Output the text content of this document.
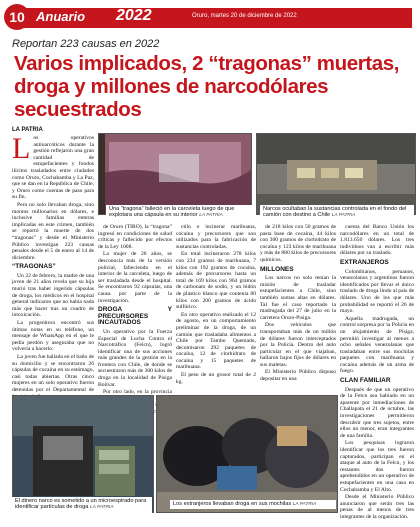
Anuario 2022	Oruro, martes 20 de diciembre de 2022
10
Reportan 223 causas en 2022
Varios implicados, 2 “tragonas” muertas, droga y millones de narcodólares secuestrados
LA PATRIA
Una “tragona” falleció en la carceleta luego de que explotara una cápsula en su interior LA PATRIA
Narcos ocultaban la sustancias controlada en el fondo del camión con destino a Chile LA PATRIA

Los operativos antinarcóticos durante la gestión reflejaron una gran cantidad de estupefacientes y fondos ilícitos trasladados entre ciudades como Oruro, Cochabamba y La Paz, que se dan en la República de Chile, y Oruro como cuentas de paso para su fin.

Pero no solo llevaban droga, sino montos millonarios en dólares, e inclusive familias enteras implicadas en este crimen, también se reportó la muerte de dos “tragonas” y desde el Ministerio Público investigan 223 causas penales desde el 5 de enero al 14 de diciembre.

“TRAGONAS”

Un 22 de febrero, la madre de una joven de 21 años revela que su hija murió tras haber ingerido cápsulas de droga, los médicos en el hospital general indicaron que no había nada más que hacer tras un cuadro de intoxicación.

La progenitora encontró sus útimas notas en su teléfono, un mensaje de WhatsApp en el que le pedía perdón y aseguraba que no volvería a hacerlo.

La joven fue hallada en el baño de su domicilio y se encontraron 26 cápsulas de cocaína en su estómago, casi todas abiertas. Otras cinco mujeres en un solo operativo fueron detenidas por el Departamental de

de Oruro (TIRO), la “tragona” ingresó en condiciones de salud críticas y fallecido por efectos de la Ley 1008.

La mujer de 26 años, se desconocía más de la versión policial, falleciendo en el interior de la carceleta, luego de ser trasladada desde el hospital. Se encontraron 92 cápsulas, una causa por parte de la investigación.

DROGA Y PRECURSORES INCAUTADOS

Un operativo por la Fuerza Especial de Lucha Contra el Narcotráfico (Felcn), logró identificar una de sus acciones más grandes de la gestión en la frontera con Chile, de donde se secuestraron más de 300 kilos de droga en la localidad de Pisiga Bolívar.

Por otro lado, en la provincia

ctilo e incinerar marihuana, cocaína y precursores que son utilizados para la fabricación de sustancias controladas.

En total incineraron 278 kilos con 234 gramos de marihuana, 7 kilos con 192 gramos de cocaína, además de precursores hasta un total de 169 kilos con 964 gramos de carbonato de sodio, y un bidón de plástico blanco que contenía 80 kilos con 200 gramos de ácido sulfúrico.

En otro operativo realizado el 12 de agosto, en un comportamiento preliminar de la droga, de un camión que trasladaba alimentos a Chile por Tambo Quemado, decomisaron 292 paquetes de cocaína, 12 de clorhidrato de cocaína y 15 paquetes de marihuana.

El peso de un grosor total de 2 kg.

de 218 kilos con 50 gramos de pasta base de cocaína, 44 kilos con 300 gramos de clorhidrato de cocaína y 123 kilos de marihuana y más de 880 kilos de precursores químicos.

MILLONES

Los narcos no solo tenían la misión de trasladar estupefacientes a Chile, sino también sumas altas en dólares. Tal fue el caso reportado la madrugada del 27 de julio en la carretera Oruro-Pisiga.

Dos vehículos que transportaban más de un millón de dólares fueron interceptados por la Policía. Dentro del auto particular en el que viajaban, hallaron bajos fijos de dólares en sus maletas.

El Ministerio Público dispuso depositar en una

cuenta del Banco Unión los narcodólares en un total de 1.813.650 dólares. Los tres individuos van a escribir más dólares por su traslado.

EXTRANJEROS

Colombianos, peruanos, venezolanos y argentinos fueron identificados por llevar el único traslado de droga lindo al país de dólares. Uno de los que más probabilidad se reportó el 26 de mayo.

Aquella madrugada, un control sorpresa por la Policía en un alojamiento de Pisiga, permitió investigar al menos a ocho señales venezolanas que trasladaban entre sus mochilas paquetes con marihuana y cocaína además de un arma de fuego.

CLAN FAMILIAR

Después de que un operativo de la Felcn sea habiado en un aparente por inmediaciones de Challapata el 21 de octubre, las investigaciones permitieron descubrir que tres sujetos, entre ellos un menor, eran integrantes de una familia.

Los pesquisas lograron identificar que los tres fueron capturados, participan en el ataque al auto de la Felcn, y los restantes dos fueron aprehendidos en un operativo de estupefacientes en una casa en Cochabamba y El Alto.

Desde el Ministerio Público anunciaron que serán tres las penas de al menos de tres integrantes de la organización.

El dinero narco es sometido a un microespirado para identificar partículas de droga LA PATRIA
Los extranjeros llevaban droga en sus mochilas LA PATRIA
